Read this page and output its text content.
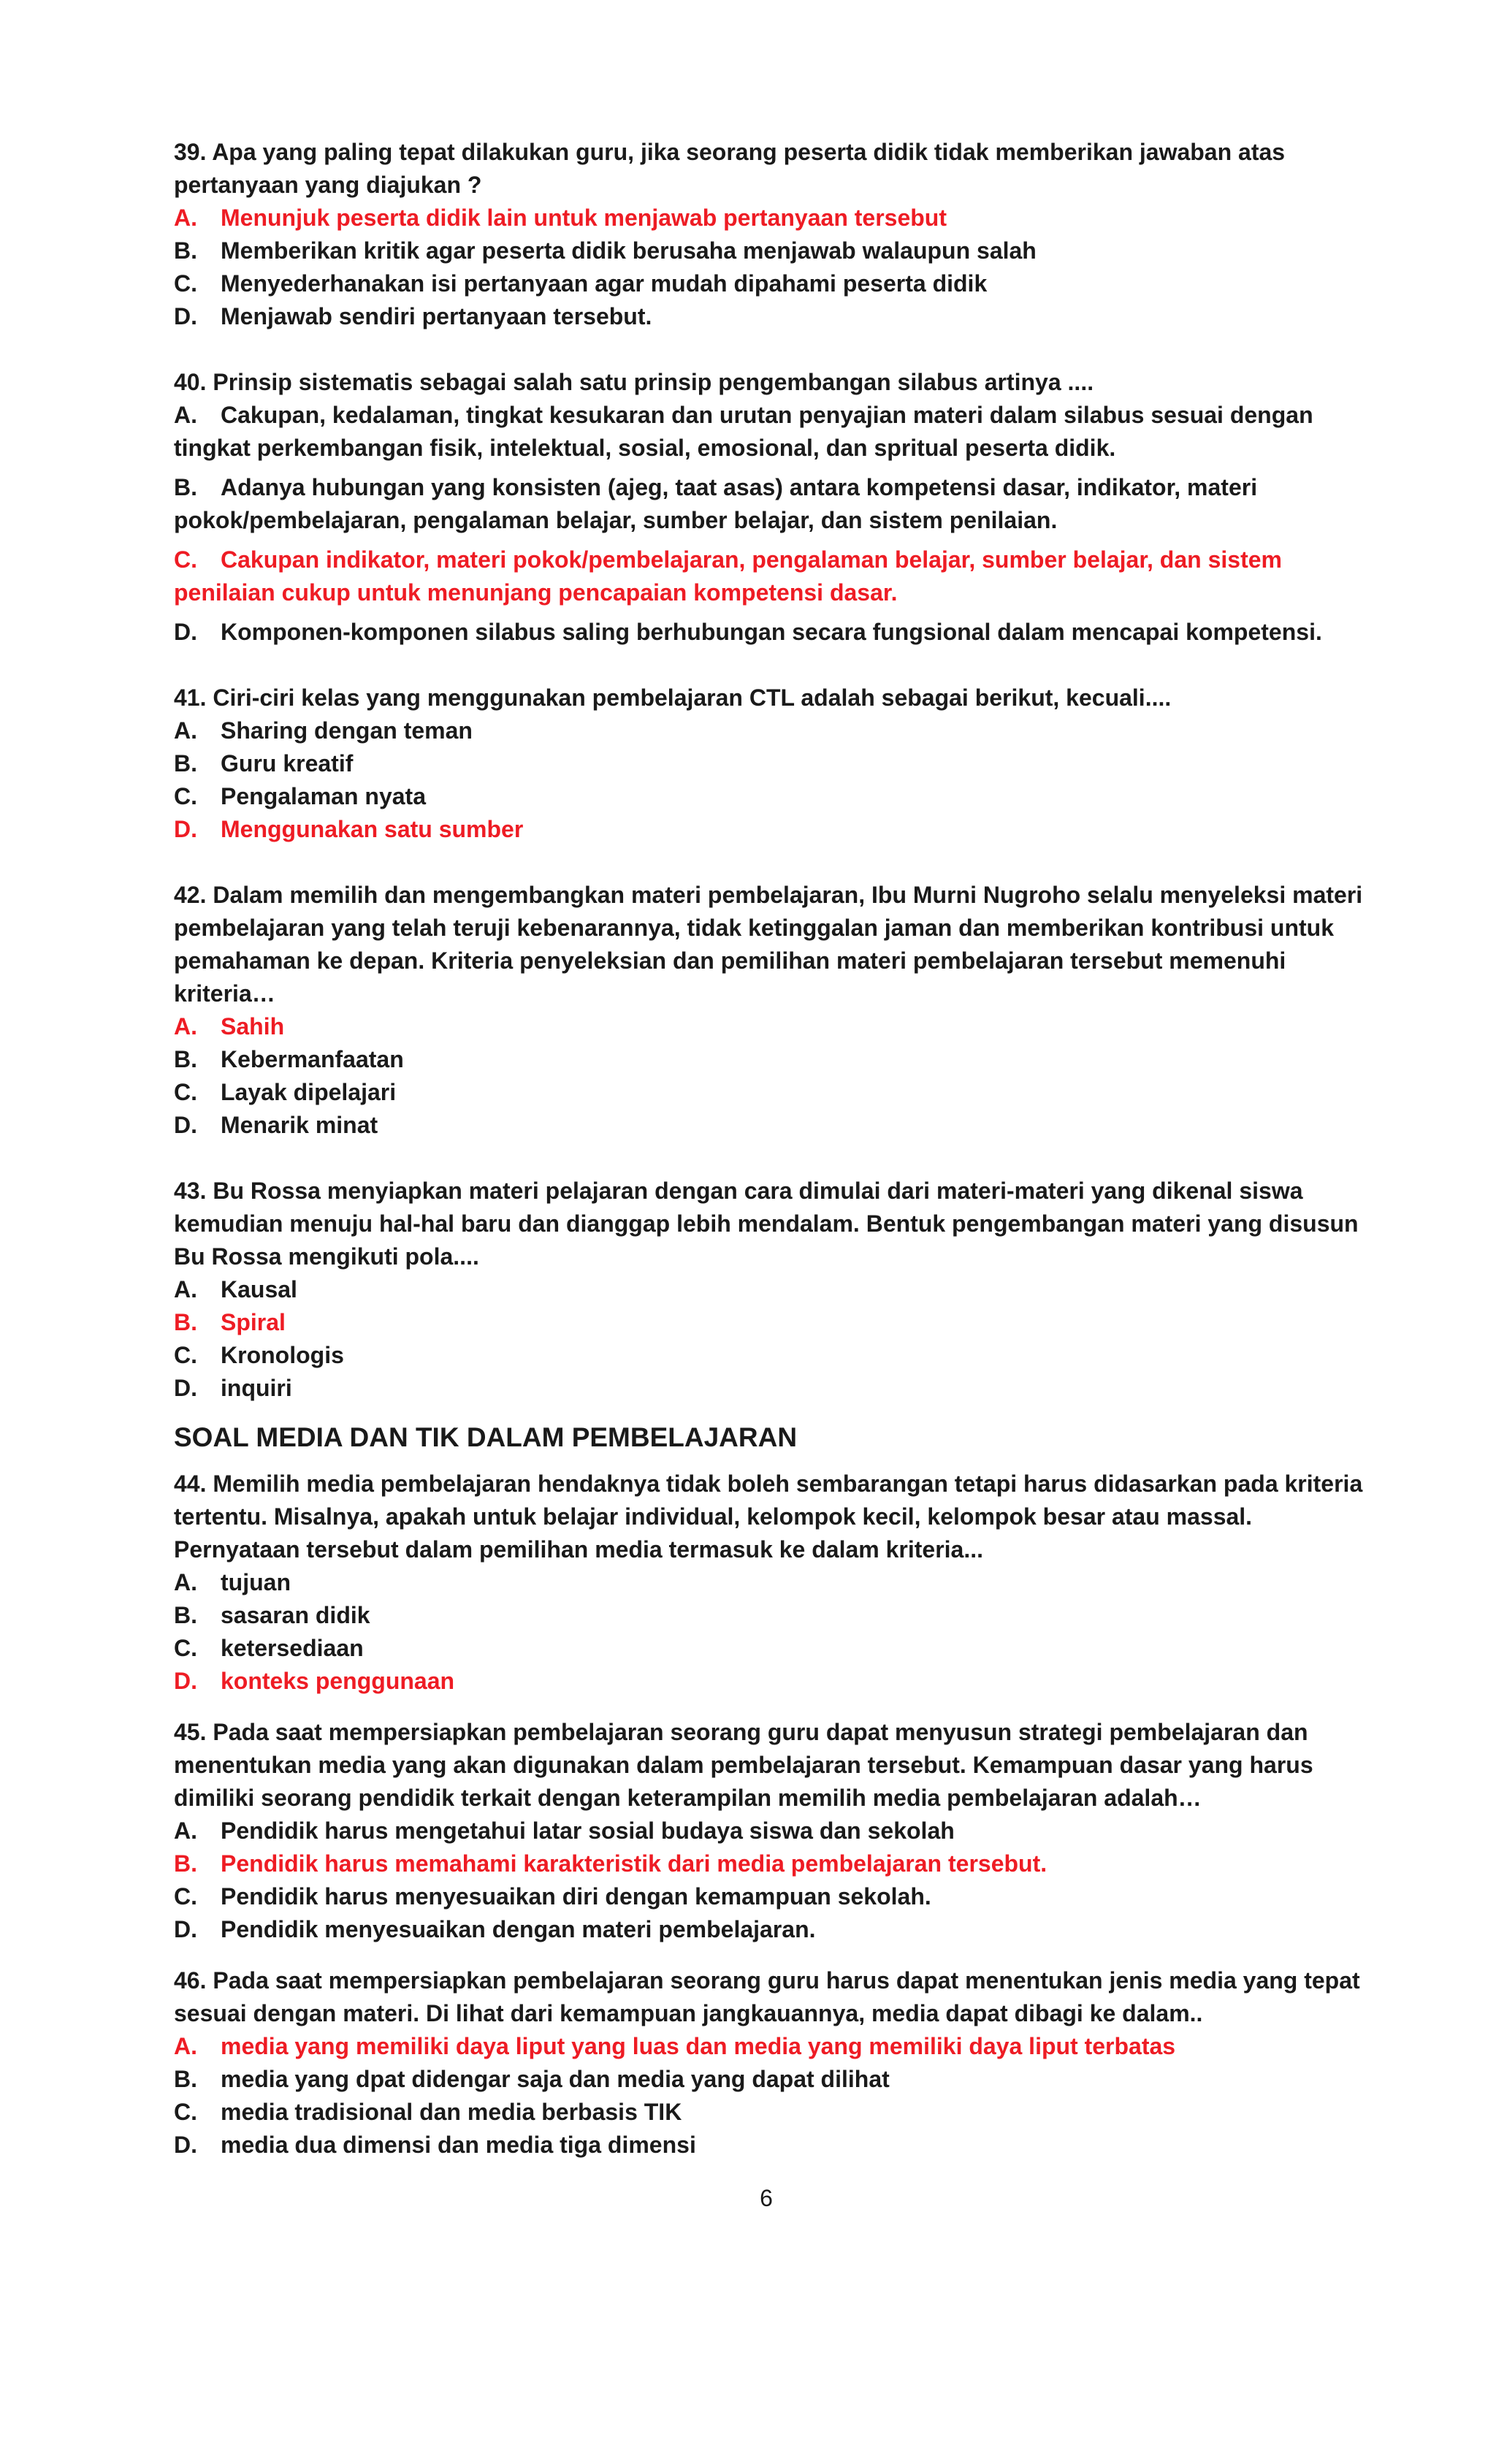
39. Apa yang paling tepat dilakukan guru, jika seorang peserta didik tidak memberikan jawaban atas pertanyaan yang diajukan ?
A. Menunjuk peserta didik lain untuk menjawab pertanyaan tersebut
B. Memberikan kritik agar peserta didik berusaha menjawab walaupun salah
C. Menyederhanakan isi pertanyaan agar mudah dipahami peserta didik
D. Menjawab sendiri pertanyaan tersebut.
40. Prinsip sistematis sebagai salah satu prinsip pengembangan silabus artinya ....
A. Cakupan, kedalaman, tingkat kesukaran dan urutan penyajian materi dalam silabus sesuai dengan tingkat perkembangan fisik, intelektual, sosial, emosional, dan spritual peserta didik.
B. Adanya hubungan yang konsisten (ajeg, taat asas) antara kompetensi dasar, indikator, materi pokok/pembelajaran, pengalaman belajar, sumber belajar, dan sistem penilaian.
C. Cakupan indikator, materi pokok/pembelajaran, pengalaman belajar, sumber belajar, dan sistem penilaian cukup untuk menunjang pencapaian kompetensi dasar.
D. Komponen-komponen silabus saling berhubungan secara fungsional dalam mencapai kompetensi.
41. Ciri-ciri kelas yang menggunakan pembelajaran CTL adalah sebagai berikut, kecuali....
A. Sharing dengan teman
B. Guru kreatif
C. Pengalaman nyata
D. Menggunakan satu sumber
42. Dalam memilih dan mengembangkan materi pembelajaran, Ibu Murni Nugroho selalu menyeleksi materi pembelajaran yang telah teruji kebenarannya, tidak ketinggalan jaman dan memberikan kontribusi untuk pemahaman ke depan. Kriteria penyeleksian dan pemilihan materi pembelajaran tersebut memenuhi kriteria…
A. Sahih
B. Kebermanfaatan
C. Layak dipelajari
D. Menarik minat
43. Bu Rossa menyiapkan materi pelajaran dengan cara dimulai dari materi-materi yang dikenal siswa kemudian menuju hal-hal baru dan dianggap lebih mendalam. Bentuk pengembangan materi yang disusun Bu Rossa mengikuti pola....
A. Kausal
B. Spiral
C. Kronologis
D. inquiri
SOAL MEDIA DAN TIK DALAM PEMBELAJARAN
44. Memilih media pembelajaran hendaknya tidak boleh sembarangan tetapi harus didasarkan pada kriteria tertentu. Misalnya, apakah untuk belajar individual, kelompok kecil, kelompok besar atau massal. Pernyataan tersebut dalam pemilihan media termasuk ke dalam kriteria...
A. tujuan
B. sasaran didik
C. ketersediaan
D. konteks penggunaan
45. Pada saat mempersiapkan pembelajaran seorang guru dapat menyusun strategi pembelajaran dan menentukan media yang akan digunakan dalam pembelajaran tersebut. Kemampuan dasar yang harus dimiliki seorang pendidik terkait dengan keterampilan memilih media pembelajaran adalah…
A. Pendidik harus mengetahui latar sosial budaya siswa dan sekolah
B. Pendidik harus memahami karakteristik dari media pembelajaran tersebut.
C. Pendidik harus menyesuaikan diri dengan kemampuan sekolah.
D. Pendidik menyesuaikan dengan materi pembelajaran.
46. Pada saat mempersiapkan pembelajaran seorang guru harus dapat menentukan jenis media yang tepat sesuai dengan materi. Di lihat dari kemampuan jangkauannya, media dapat dibagi ke dalam..
A. media yang memiliki daya liput yang luas dan media yang memiliki daya liput terbatas
B. media yang dpat didengar saja dan media yang dapat dilihat
C. media tradisional dan media berbasis TIK
D. media dua dimensi dan media tiga dimensi
6
